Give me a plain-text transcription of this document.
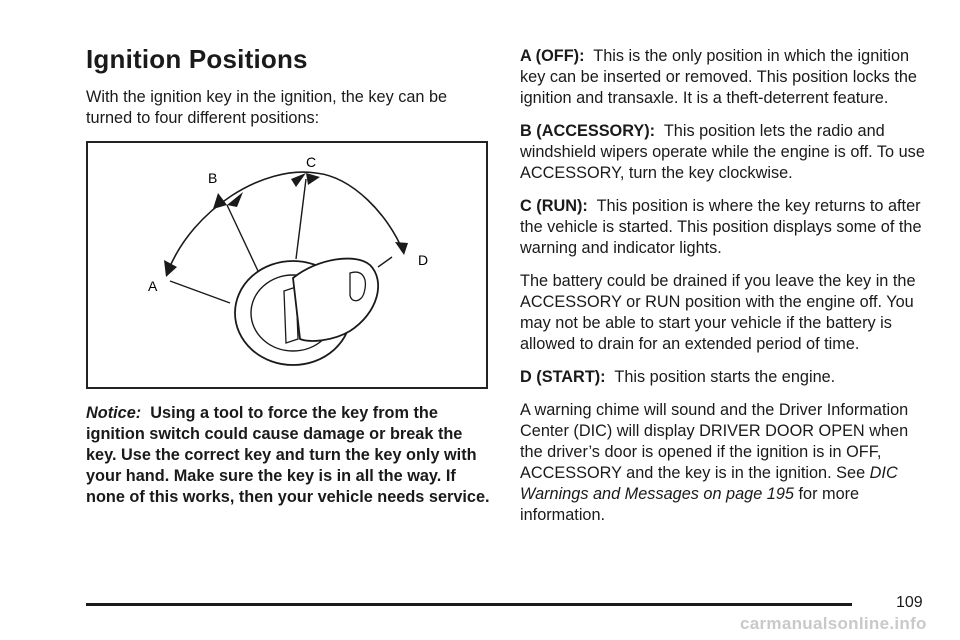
Ignition Positions

With the ignition key in the ignition, the key can be turned to four different positions:

A
B
C
D

Notice: Using a tool to force the key from the ignition switch could cause damage or break the key. Use the correct key and turn the key only with your hand. Make sure the key is in all the way. If none of this works, then your vehicle needs service.

A (OFF): This is the only position in which the ignition key can be inserted or removed. This position locks the ignition and transaxle. It is a theft-deterrent feature.

B (ACCESSORY): This position lets the radio and windshield wipers operate while the engine is off. To use ACCESSORY, turn the key clockwise.

C (RUN): This position is where the key returns to after the vehicle is started. This position displays some of the warning and indicator lights.

The battery could be drained if you leave the key in the ACCESSORY or RUN position with the engine off. You may not be able to start your vehicle if the battery is allowed to drain for an extended period of time.

D (START): This position starts the engine.

A warning chime will sound and the Driver Information Center (DIC) will display DRIVER DOOR OPEN when the driver’s door is opened if the ignition is in OFF, ACCESSORY and the key is in the ignition. See DIC Warnings and Messages on page 195 for more information.

109
carmanualsonline.info
